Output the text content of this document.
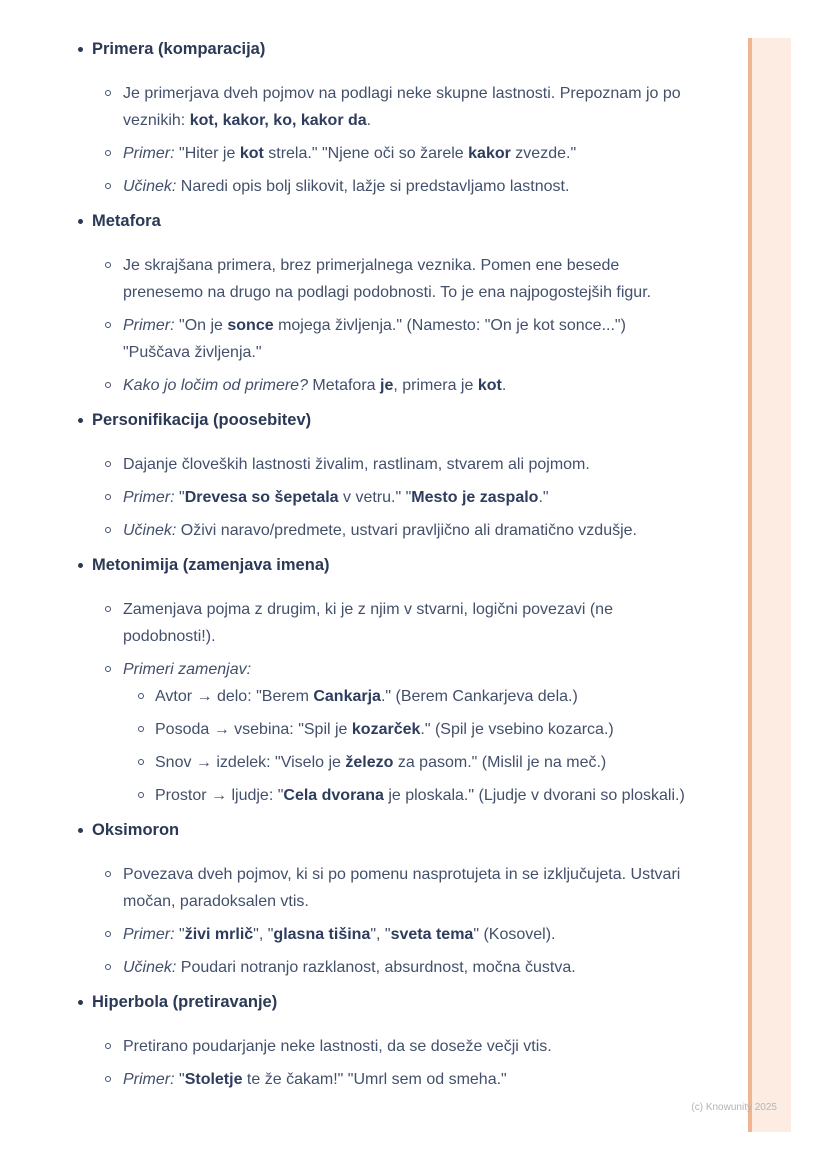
Primera (komparacija)
Je primerjava dveh pojmov na podlagi neke skupne lastnosti. Prepoznam jo po veznikih: kot, kakor, ko, kakor da.
Primer: "Hiter je kot strela." "Njene oči so žarele kakor zvezde."
Učinek: Naredi opis bolj slikovit, lažje si predstavljamo lastnost.
Metafora
Je skrajšana primera, brez primerjalnega veznika. Pomen ene besede prenesemo na drugo na podlagi podobnosti. To je ena najpogostejših figur.
Primer: "On je sonce mojega življenja." (Namesto: "On je kot sonce...") "Puščava življenja."
Kako jo ločim od primere? Metafora je, primera je kot.
Personifikacija (poosebitev)
Dajanje človeških lastnosti živalim, rastlinam, stvarem ali pojmom.
Primer: "Drevesa so šepetala v vetru." "Mesto je zaspalo."
Učinek: Oživi naravo/predmete, ustvari pravljično ali dramatično vzdušje.
Metonimija (zamenjava imena)
Zamenjava pojma z drugim, ki je z njim v stvarni, logični povezavi (ne podobnosti!).
Primeri zamenjav:
Avtor → delo: "Berem Cankarja." (Berem Cankarjeva dela.)
Posoda → vsebina: "Spil je kozarček." (Spil je vsebino kozarca.)
Snov → izdelek: "Viselo je železo za pasom." (Mislil je na meč.)
Prostor → ljudje: "Cela dvorana je ploskala." (Ljudje v dvorani so ploskali.)
Oksimoron
Povezava dveh pojmov, ki si po pomenu nasprotujeta in se izključujeta. Ustvari močan, paradoksalen vtis.
Primer: "živi mrlič", "glasna tišina", "sveta tema" (Kosovel).
Učinek: Poudari notranjo razklanost, absurdnost, močna čustva.
Hiperbola (pretiravanje)
Pretirano poudarjanje neke lastnosti, da se doseže večji vtis.
Primer: "Stoletje te že čakam!" "Umrl sem od smeha."
(c) Knowunity 2025
